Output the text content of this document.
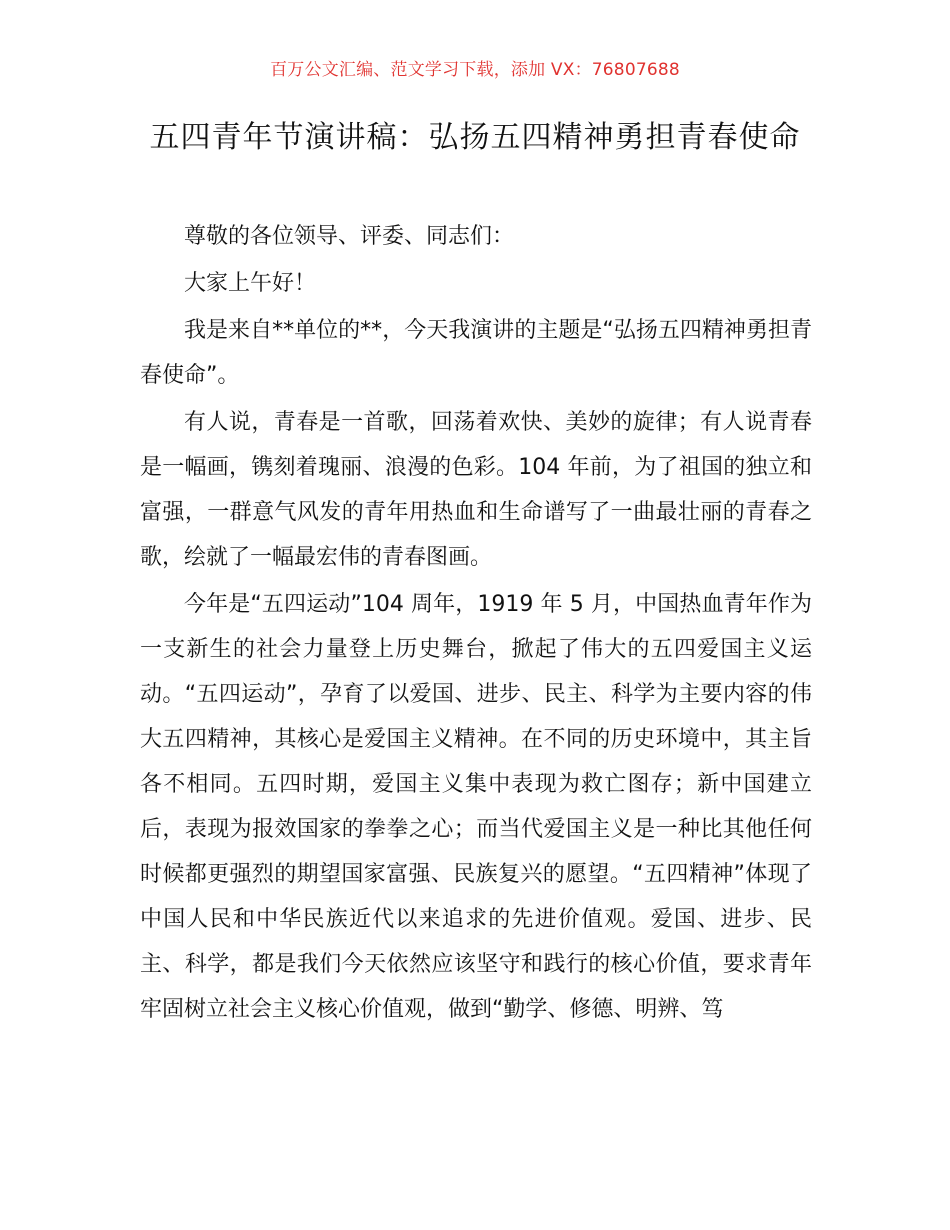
百万公文汇编、范文学习下载，添加 VX：76807688
五四青年节演讲稿：弘扬五四精神勇担青春使命

尊敬的各位领导、评委、同志们：

大家上午好！

我是来自**单位的**，今天我演讲的主题是“弘扬五四精神勇担青春使命”。

有人说，青春是一首歌，回荡着欢快、美妙的旋律；有人说青春是一幅画，镌刻着瑰丽、浪漫的色彩。104 年前，为了祖国的独立和富强，一群意气风发的青年用热血和生命谱写了一曲最壮丽的青春之歌，绘就了一幅最宏伟的青春图画。

今年是“五四运动”104 周年，1919 年 5 月，中国热血青年作为一支新生的社会力量登上历史舞台，掀起了伟大的五四爱国主义运动。“五四运动”，孕育了以爱国、进步、民主、科学为主要内容的伟大五四精神，其核心是爱国主义精神。在不同的历史环境中，其主旨各不相同。五四时期，爱国主义集中表现为救亡图存；新中国建立后，表现为报效国家的拳拳之心；而当代爱国主义是一种比其他任何时候都更强烈的期望国家富强、民族复兴的愿望。“五四精神”体现了中国人民和中华民族近代以来追求的先进价值观。爱国、进步、民主、科学，都是我们今天依然应该坚守和践行的核心价值，要求青年牢固树立社会主义核心价值观，做到“勤学、修德、明辨、笃
